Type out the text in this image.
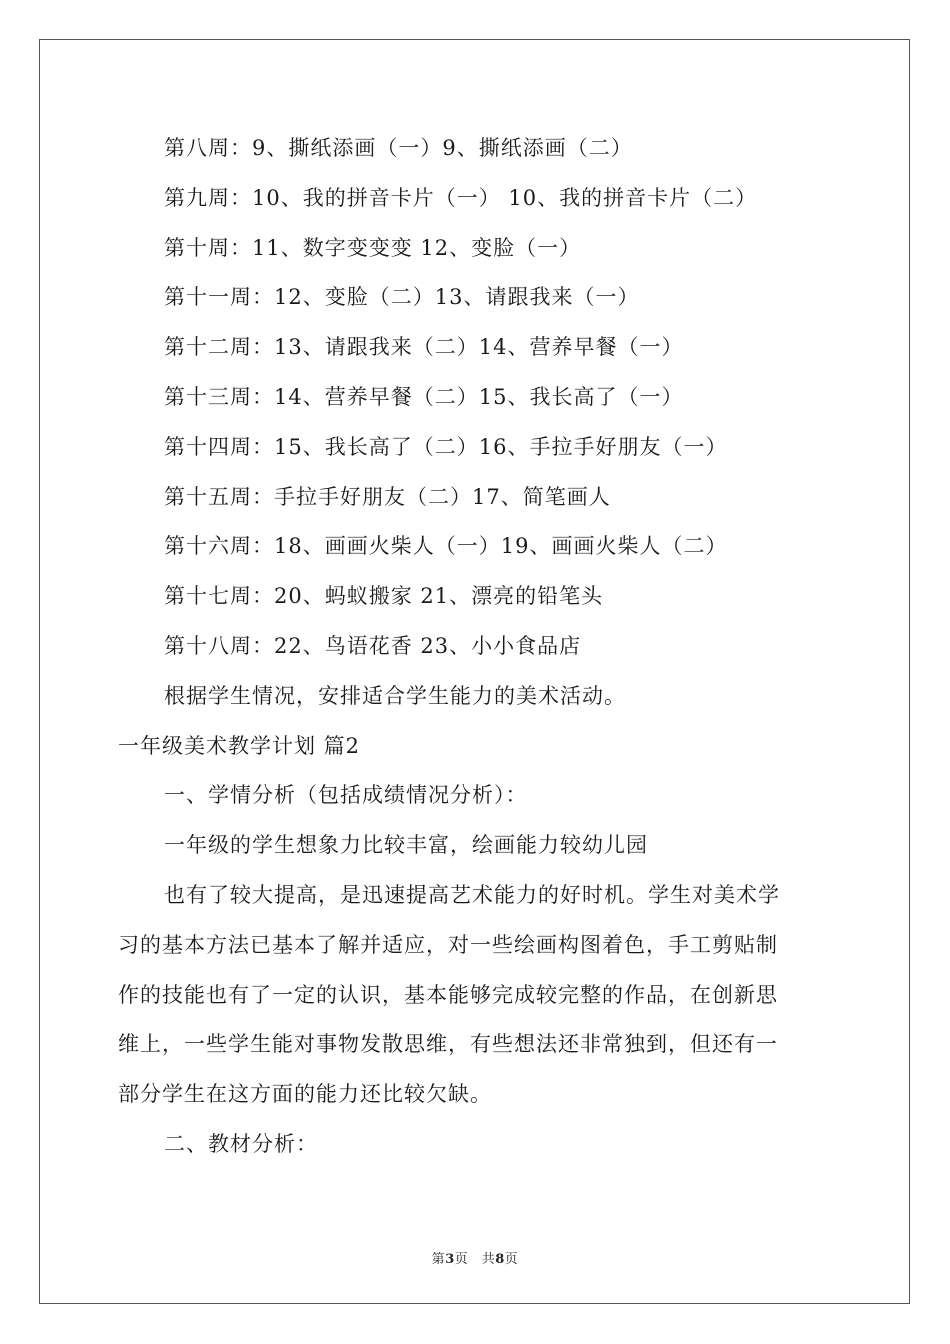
第八周：9、撕纸添画（一）9、撕纸添画（二）
第九周：10、我的拼音卡片（一） 10、我的拼音卡片（二）
第十周：11、数字变变变 12、变脸（一）
第十一周：12、变脸（二）13、请跟我来（一）
第十二周：13、请跟我来（二）14、营养早餐（一）
第十三周：14、营养早餐（二）15、我长高了（一）
第十四周：15、我长高了（二）16、手拉手好朋友（一）
第十五周：手拉手好朋友（二）17、简笔画人
第十六周：18、画画火柴人（一）19、画画火柴人（二）
第十七周：20、蚂蚁搬家 21、漂亮的铅笔头
第十八周：22、鸟语花香 23、小小食品店
根据学生情况，安排适合学生能力的美术活动。
一年级美术教学计划 篇2
一、学情分析（包括成绩情况分析）：
一年级的学生想象力比较丰富，绘画能力较幼儿园
也有了较大提高，是迅速提高艺术能力的好时机。学生对美术学
习的基本方法已基本了解并适应，对一些绘画构图着色，手工剪贴制
作的技能也有了一定的认识，基本能够完成较完整的作品，在创新思
维上，一些学生能对事物发散思维，有些想法还非常独到，但还有一
部分学生在这方面的能力还比较欠缺。
二、教材分析：
第3页　共8页
